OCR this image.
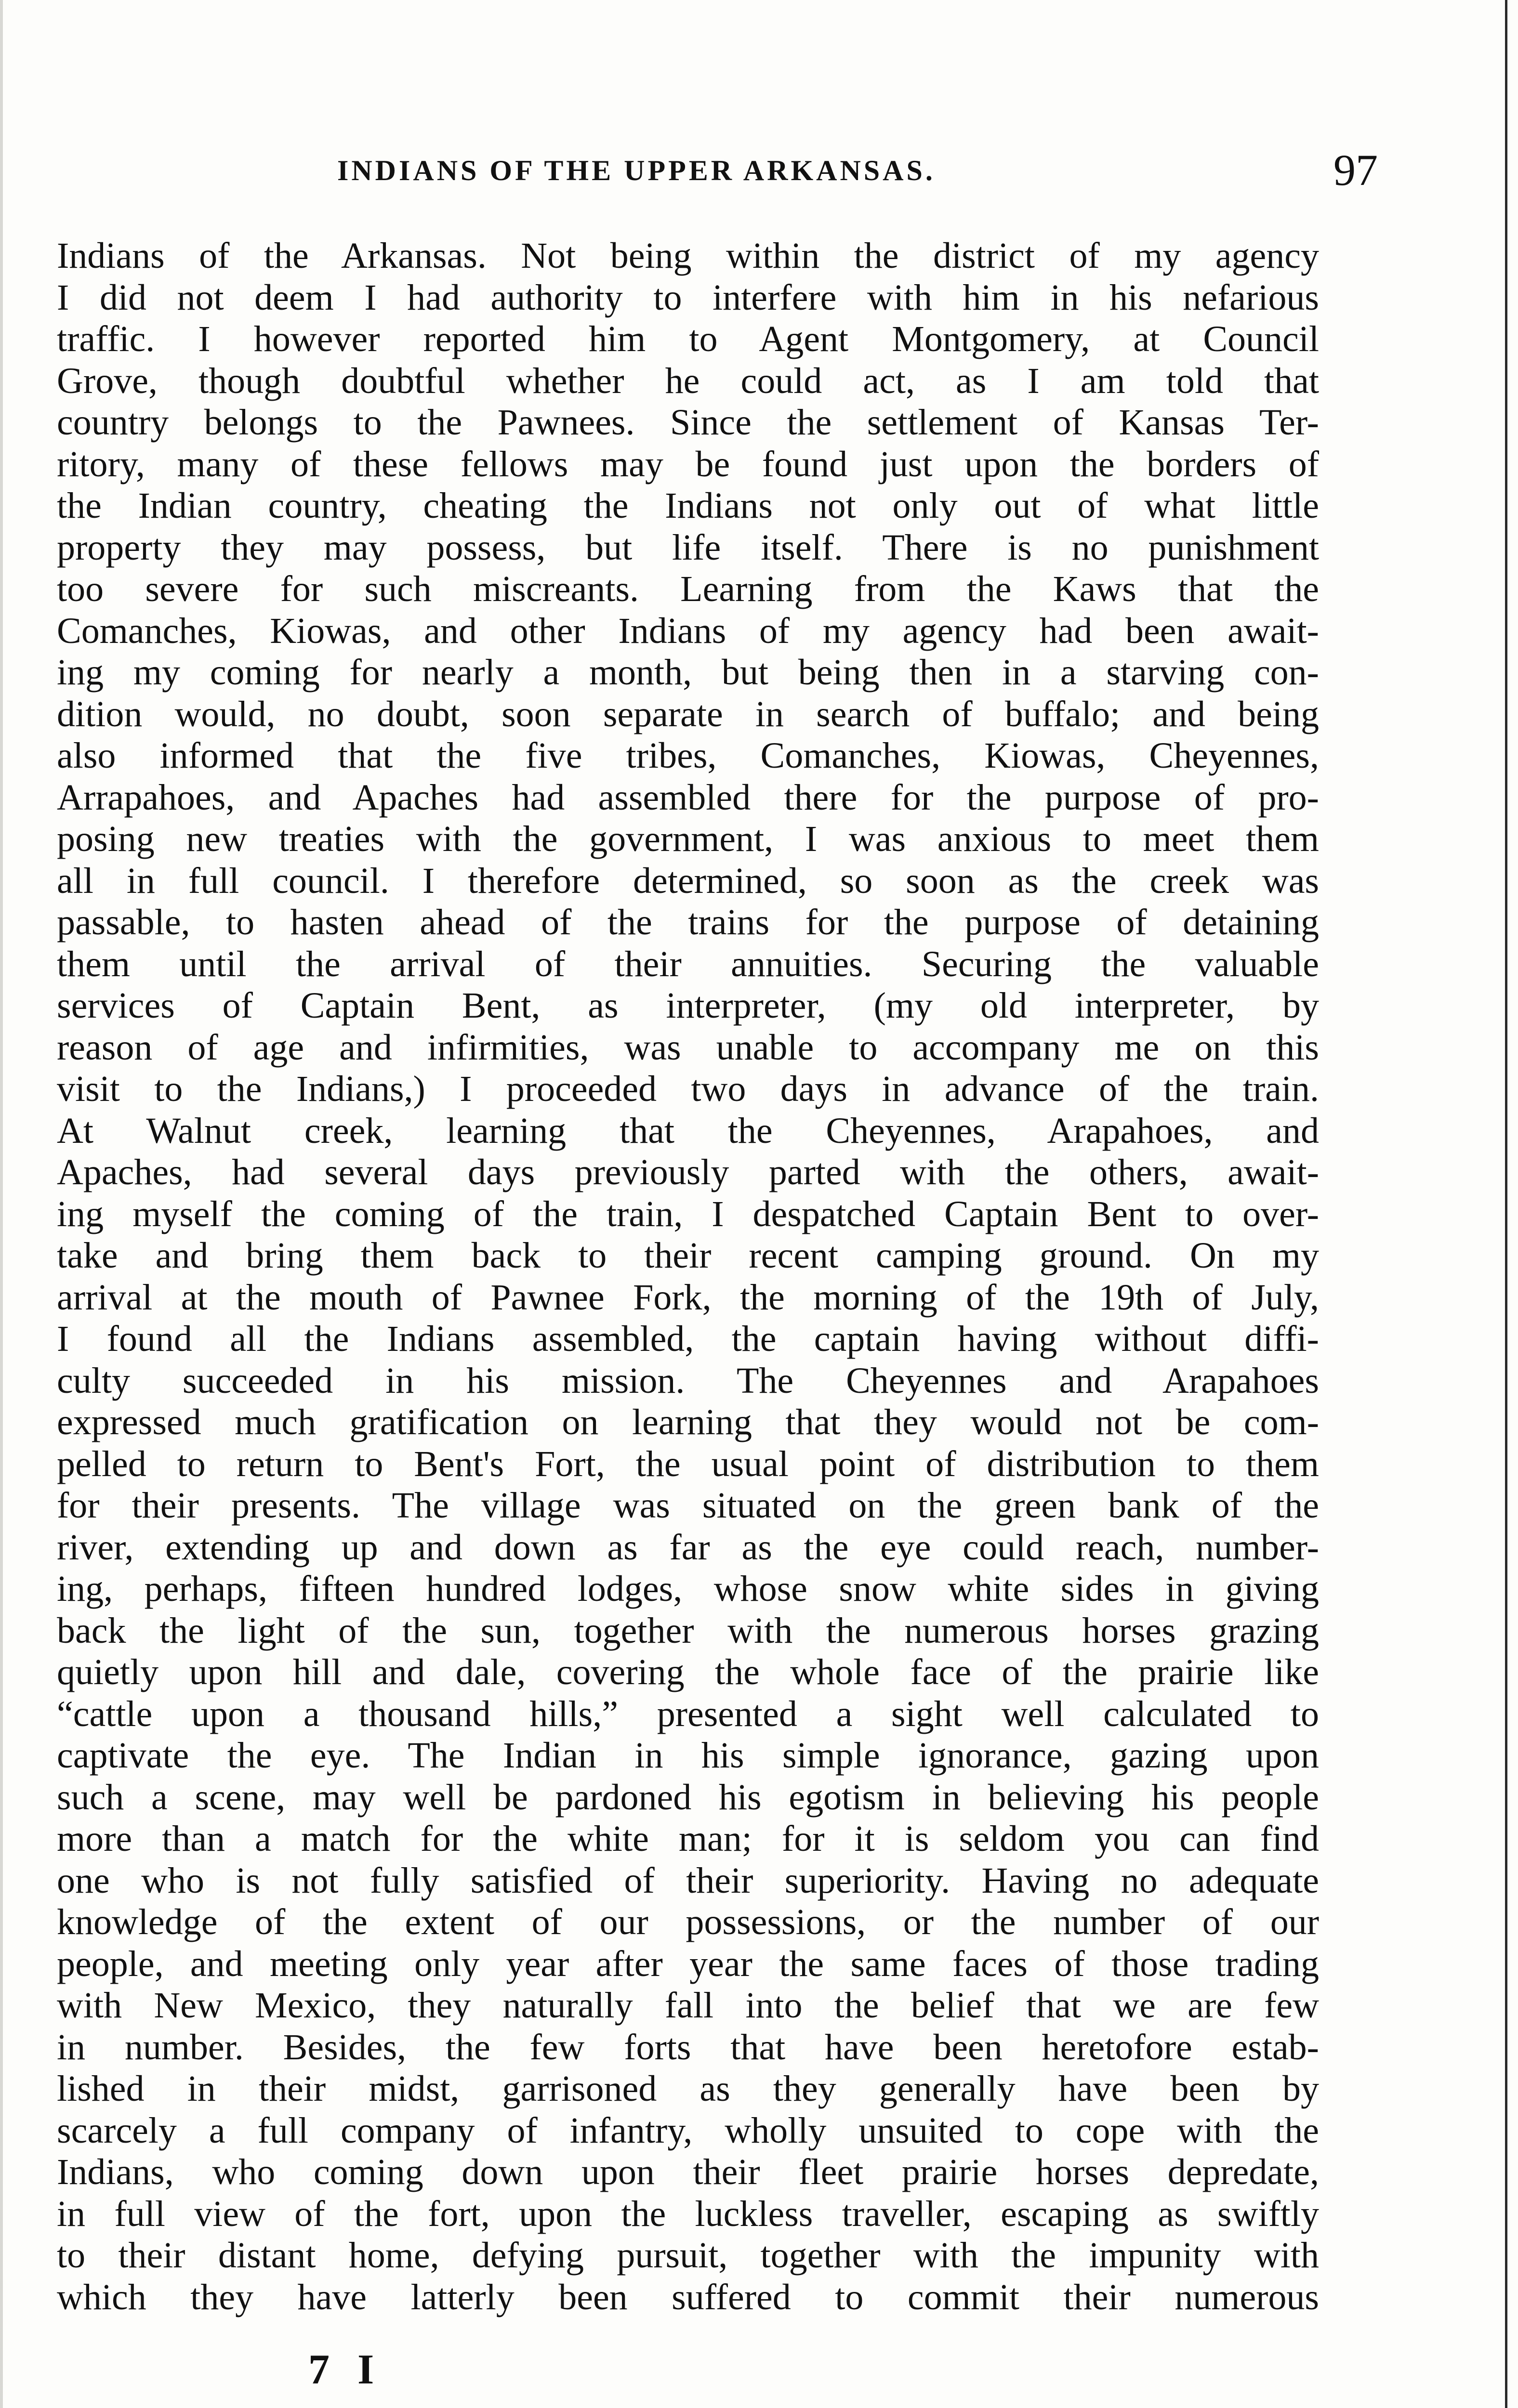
INDIANS OF THE UPPER ARKANSAS.	97
Indians of the Arkansas. Not being within the district of my agency
I did not deem I had authority to interfere with him in his nefarious
traffic. I however reported him to Agent Montgomery, at Council
Grove, though doubtful whether he could act, as I am told that
country belongs to the Pawnees. Since the settlement of Kansas Ter-
ritory, many of these fellows may be found just upon the borders of
the Indian country, cheating the Indians not only out of what little
property they may possess, but life itself. There is no punishment
too severe for such miscreants. Learning from the Kaws that the
Comanches, Kiowas, and other Indians of my agency had been await-
ing my coming for nearly a month, but being then in a starving con-
dition would, no doubt, soon separate in search of buffalo; and being
also informed that the five tribes, Comanches, Kiowas, Cheyennes,
Arrapahoes, and Apaches had assembled there for the purpose of pro-
posing new treaties with the government, I was anxious to meet them
all in full council. I therefore determined, so soon as the creek was
passable, to hasten ahead of the trains for the purpose of detaining
them until the arrival of their annuities. Securing the valuable
services of Captain Bent, as interpreter, (my old interpreter, by
reason of age and infirmities, was unable to accompany me on this
visit to the Indians,) I proceeded two days in advance of the train.
At Walnut creek, learning that the Cheyennes, Arapahoes, and
Apaches, had several days previously parted with the others, await-
ing myself the coming of the train, I despatched Captain Bent to over-
take and bring them back to their recent camping ground. On my
arrival at the mouth of Pawnee Fork, the morning of the 19th of July,
I found all the Indians assembled, the captain having without diffi-
culty succeeded in his mission. The Cheyennes and Arapahoes
expressed much gratification on learning that they would not be com-
pelled to return to Bent's Fort, the usual point of distribution to them
for their presents. The village was situated on the green bank of the
river, extending up and down as far as the eye could reach, number-
ing, perhaps, fifteen hundred lodges, whose snow white sides in giving
back the light of the sun, together with the numerous horses grazing
quietly upon hill and dale, covering the whole face of the prairie like
“cattle upon a thousand hills,” presented a sight well calculated to
captivate the eye. The Indian in his simple ignorance, gazing upon
such a scene, may well be pardoned his egotism in believing his people
more than a match for the white man; for it is seldom you can find
one who is not fully satisfied of their superiority. Having no adequate
knowledge of the extent of our possessions, or the number of our
people, and meeting only year after year the same faces of those trading
with New Mexico, they naturally fall into the belief that we are few
in number. Besides, the few forts that have been heretofore estab-
lished in their midst, garrisoned as they generally have been by
scarcely a full company of infantry, wholly unsuited to cope with the
Indians, who coming down upon their fleet prairie horses depredate,
in full view of the fort, upon the luckless traveller, escaping as swiftly
to their distant home, defying pursuit, together with the impunity with
which they have latterly been suffered to commit their numerous
7 I
